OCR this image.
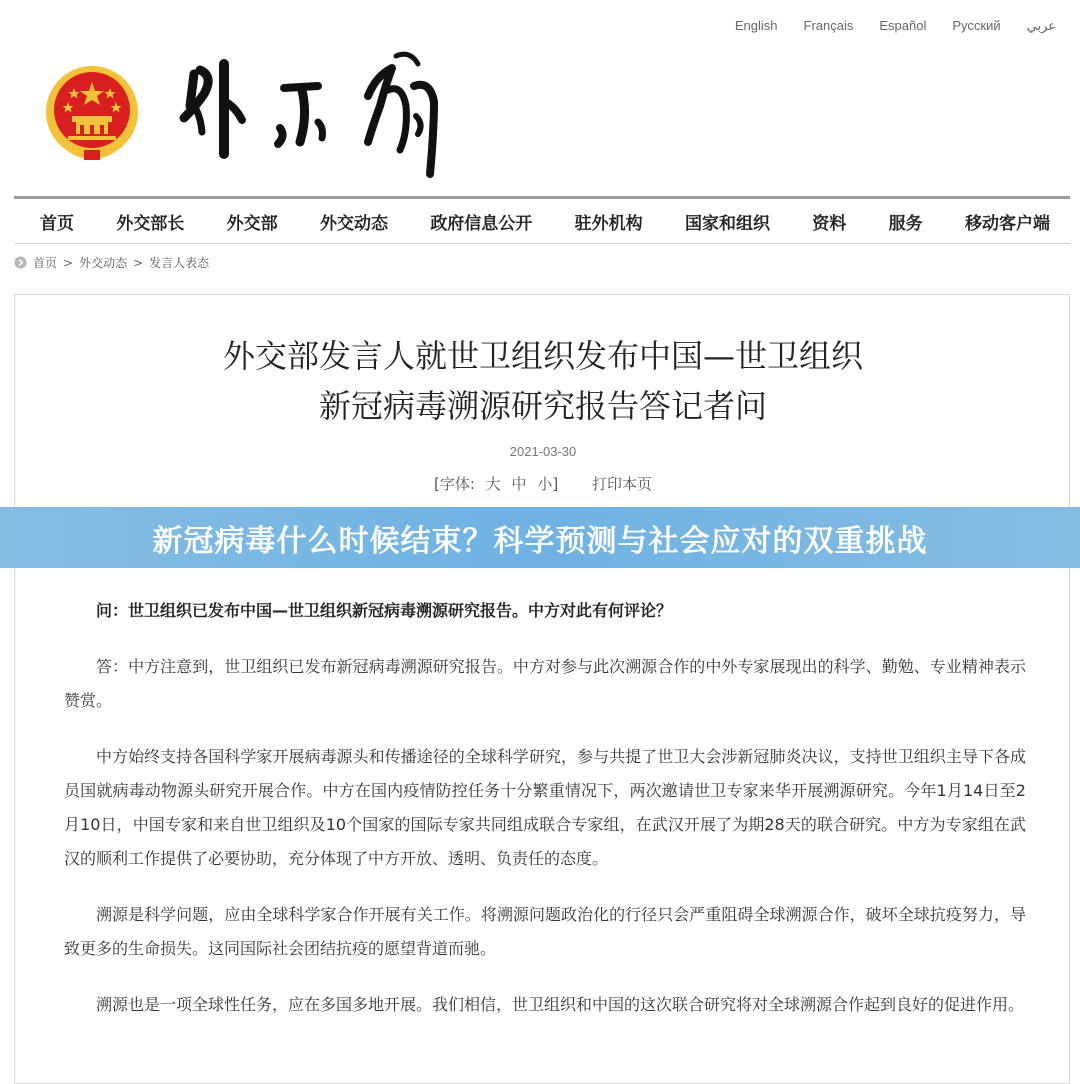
English Français Español Русский عربي
首页 外交部长 外交部 外交动态 政府信息公开 驻外机构 国家和组织 资料 服务 移动客户端
首页 > 外交动态 > 发言人表态
外交部发言人就世卫组织发布中国—世卫组织
新冠病毒溯源研究报告答记者问
2021-03-30
[字体: 大 中 小] 打印本页
新冠病毒什么时候结束？科学预测与社会应对的双重挑战

问：世卫组织已发布中国—世卫组织新冠病毒溯源研究报告。中方对此有何评论？

答：中方注意到，世卫组织已发布新冠病毒溯源研究报告。中方对参与此次溯源合作的中外专家展现出的科学、勤勉、专业精神表示赞赏。

中方始终支持各国科学家开展病毒源头和传播途径的全球科学研究，参与共提了世卫大会涉新冠肺炎决议，支持世卫组织主导下各成员国就病毒动物源头研究开展合作。中方在国内疫情防控任务十分繁重情况下，两次邀请世卫专家来华开展溯源研究。今年1月14日至2月10日，中国专家和来自世卫组织及10个国家的国际专家共同组成联合专家组，在武汉开展了为期28天的联合研究。中方为专家组在武汉的顺利工作提供了必要协助，充分体现了中方开放、透明、负责任的态度。

溯源是科学问题，应由全球科学家合作开展有关工作。将溯源问题政治化的行径只会严重阻碍全球溯源合作，破坏全球抗疫努力，导致更多的生命损失。这同国际社会团结抗疫的愿望背道而驰。

溯源也是一项全球性任务，应在多国多地开展。我们相信，世卫组织和中国的这次联合研究将对全球溯源合作起到良好的促进作用。
